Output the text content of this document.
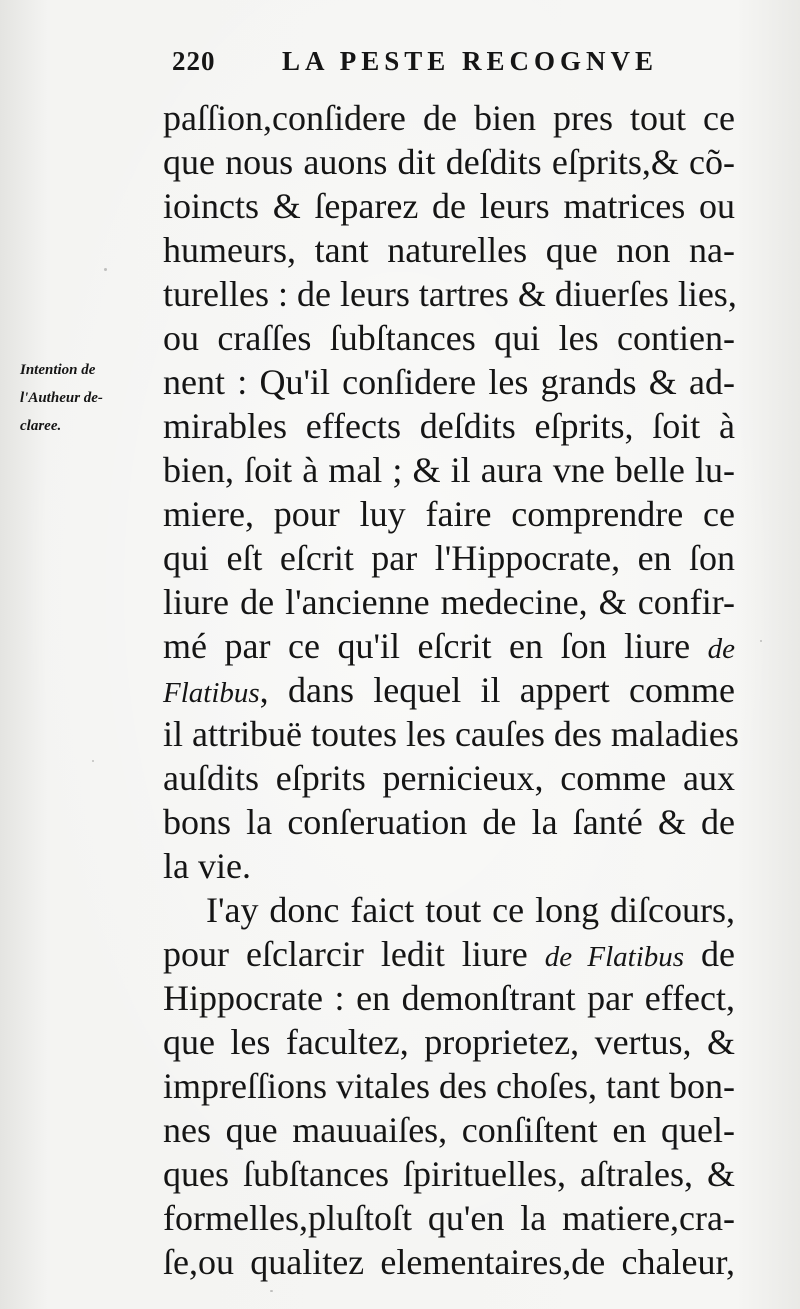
220 LA PESTE RECOGNVE
Intention de
l'Autheur de-
claree.
paſſion,conſidere de bien pres tout ce
que nous auons dit deſdits eſprits,& cõ-
ioincts & ſeparez de leurs matrices ou
humeurs, tant naturelles que non na-
turelles : de leurs tartres & diuerſes lies,
ou craſſes ſubſtances qui les contien-
nent : Qu'il conſidere les grands & ad-
mirables effects deſdits eſprits, ſoit à
bien, ſoit à mal ; & il aura vne belle lu-
miere, pour luy faire comprendre ce
qui eſt eſcrit par l'Hippocrate, en ſon
liure de l'ancienne medecine, & confir-
mé par ce qu'il eſcrit en ſon liure de
Flatibus, dans lequel il appert comme
il attribuë toutes les cauſes des maladies
auſdits eſprits pernicieux, comme aux
bons la conſeruation de la ſanté & de
la vie.
I'ay donc faict tout ce long diſcours,
pour eſclarcir ledit liure de Flatibus de
Hippocrate : en demonſtrant par effect,
que les facultez, proprietez, vertus, &
impreſſions vitales des choſes, tant bon-
nes que mauuaiſes, conſiſtent en quel-
ques ſubſtances ſpirituelles, aſtrales, &
formelles,pluſtoſt qu'en la matiere,cra-
ſe,ou qualitez elementaires,de chaleur,
